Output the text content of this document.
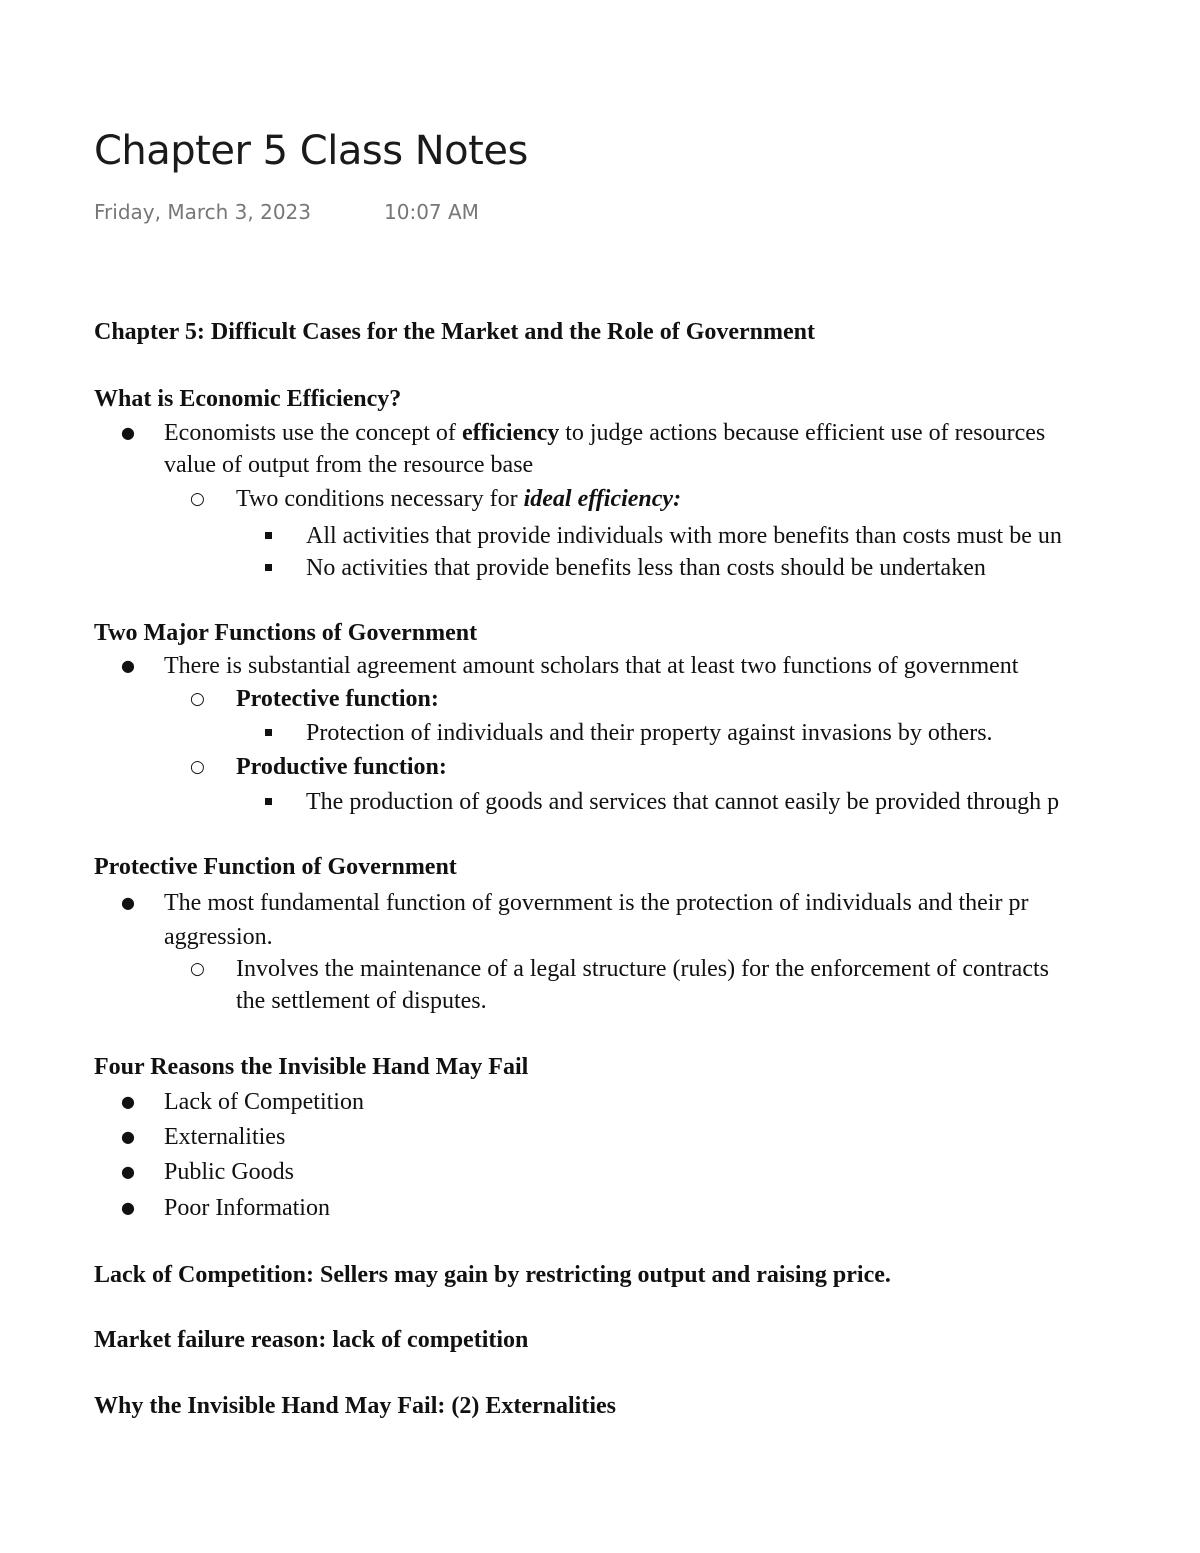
Chapter 5 Class Notes
Friday, March 3, 2023	10:07 AM
Chapter 5: Difficult Cases for the Market and the Role of Government
What is Economic Efficiency?
● Economists use the concept of efficiency to judge actions because efficient use of resources
value of output from the resource base
○ Two conditions necessary for ideal efficiency:
All activities that provide individuals with more benefits than costs must be un
No activities that provide benefits less than costs should be undertaken
Two Major Functions of Government
● There is substantial agreement amount scholars that at least two functions of government
○ Protective function:
Protection of individuals and their property against invasions by others.
○ Productive function:
The production of goods and services that cannot easily be provided through p
Protective Function of Government
● The most fundamental function of government is the protection of individuals and their pr
aggression.
○ Involves the maintenance of a legal structure (rules) for the enforcement of contracts
the settlement of disputes.
Four Reasons the Invisible Hand May Fail
● Lack of Competition
● Externalities
● Public Goods
● Poor Information
Lack of Competition: Sellers may gain by restricting output and raising price.
Market failure reason: lack of competition
Why the Invisible Hand May Fail: (2) Externalities
